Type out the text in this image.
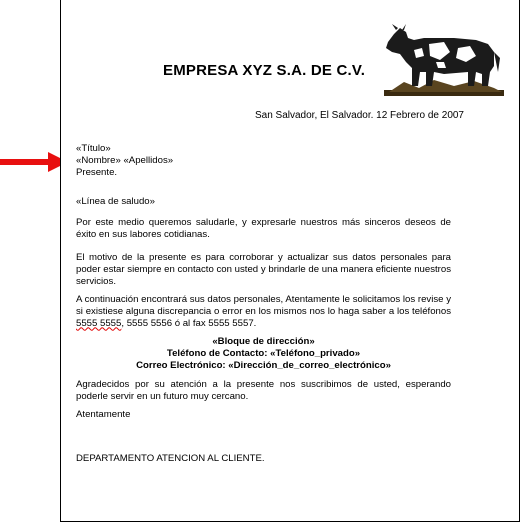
EMPRESA XYZ S.A. DE C.V.
San Salvador, El Salvador. 12 Febrero de 2007
«Título»
«Nombre» «Apellidos»
Presente.
«Línea de saludo»
Por este medio queremos saludarle, y expresarle nuestros más sinceros deseos de éxito en sus labores cotidianas.
El motivo de la presente es para corroborar y actualizar sus datos personales para poder estar siempre en contacto con usted y brindarle de una manera eficiente nuestros servicios.
A continuación encontrará sus datos personales, Atentamente le solicitamos los revise y si existiese alguna discrepancia o error en los mismos nos lo haga saber a los teléfonos 5555 5555, 5555 5556 ó al fax 5555 5557.
«Bloque de dirección»
Teléfono de Contacto: «Teléfono_privado»
Correo Electrónico: «Dirección_de_correo_electrónico»
Agradecidos por su atención a la presente nos suscribimos de usted, esperando poderle servir en un futuro muy cercano.
Atentamente
DEPARTAMENTO ATENCION AL CLIENTE.
